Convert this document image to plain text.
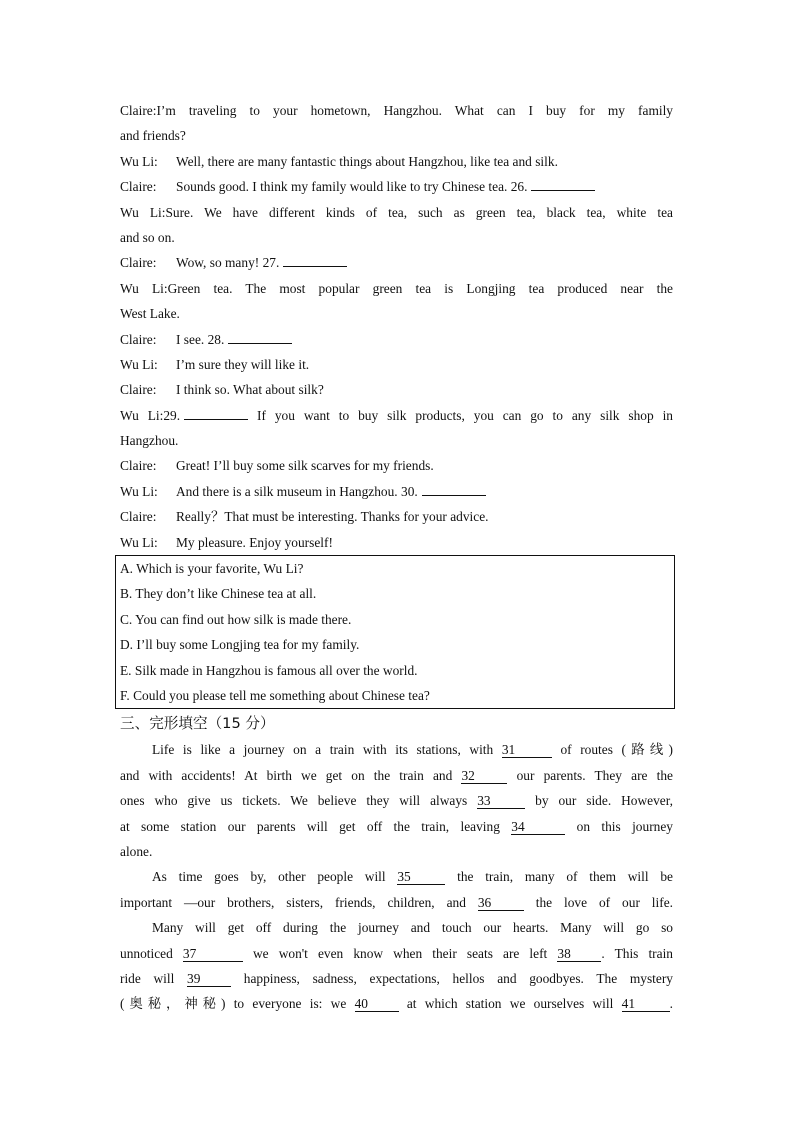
Claire:I’m traveling to your hometown, Hangzhou. What can I buy for my family
and friends?
Wu Li: Well, there are many fantastic things about Hangzhou, like tea and silk.
Claire: Sounds good. I think my family would like to try Chinese tea. 26.
Wu Li:Sure. We have different kinds of tea, such as green tea, black tea, white tea
and so on.
Claire: Wow, so many! 27.
Wu Li:Green tea. The most popular green tea is Longjing tea produced near the
West Lake.
Claire: I see. 28.
Wu Li: I’m sure they will like it.
Claire: I think so. What about silk?
Wu Li:29.	If you want to buy silk products, you can go to any silk shop in
Hangzhou.
Claire: Great! I’ll buy some silk scarves for my friends.
Wu Li: And there is a silk museum in Hangzhou. 30.
Claire: Really？That must be interesting. Thanks for your advice.
Wu Li: My pleasure. Enjoy yourself!
A. Which is your favorite, Wu Li?
B. They don’t like Chinese tea at all.
C. You can find out how silk is made there.
D. I’ll buy some Longjing tea for my family.
E. Silk made in Hangzhou is famous all over the world.
F. Could you please tell me something about Chinese tea?
三、完形填空（15 分）
Life is like a journey on a train with its stations, with 31	of routes (路线)
and with accidents! At birth we get on the train and 32	our parents. They are the
ones who give us tickets. We believe they will always 33	by our side. However,
at some station our parents will get off the train, leaving 34	on this journey
alone.
As time goes by, other people will 35	the train, many of them will be
important —our brothers, sisters, friends, children, and 36	the love of our life.
Many will get off during the journey and touch our hearts. Many will go so
unnoticed 37	we won't even know when their seats are left 38 . This train
ride will 39	happiness, sadness, expectations, hellos and goodbyes. The mystery
(奥秘，神秘) to everyone is: we 40	at which station we ourselves will 41	.
